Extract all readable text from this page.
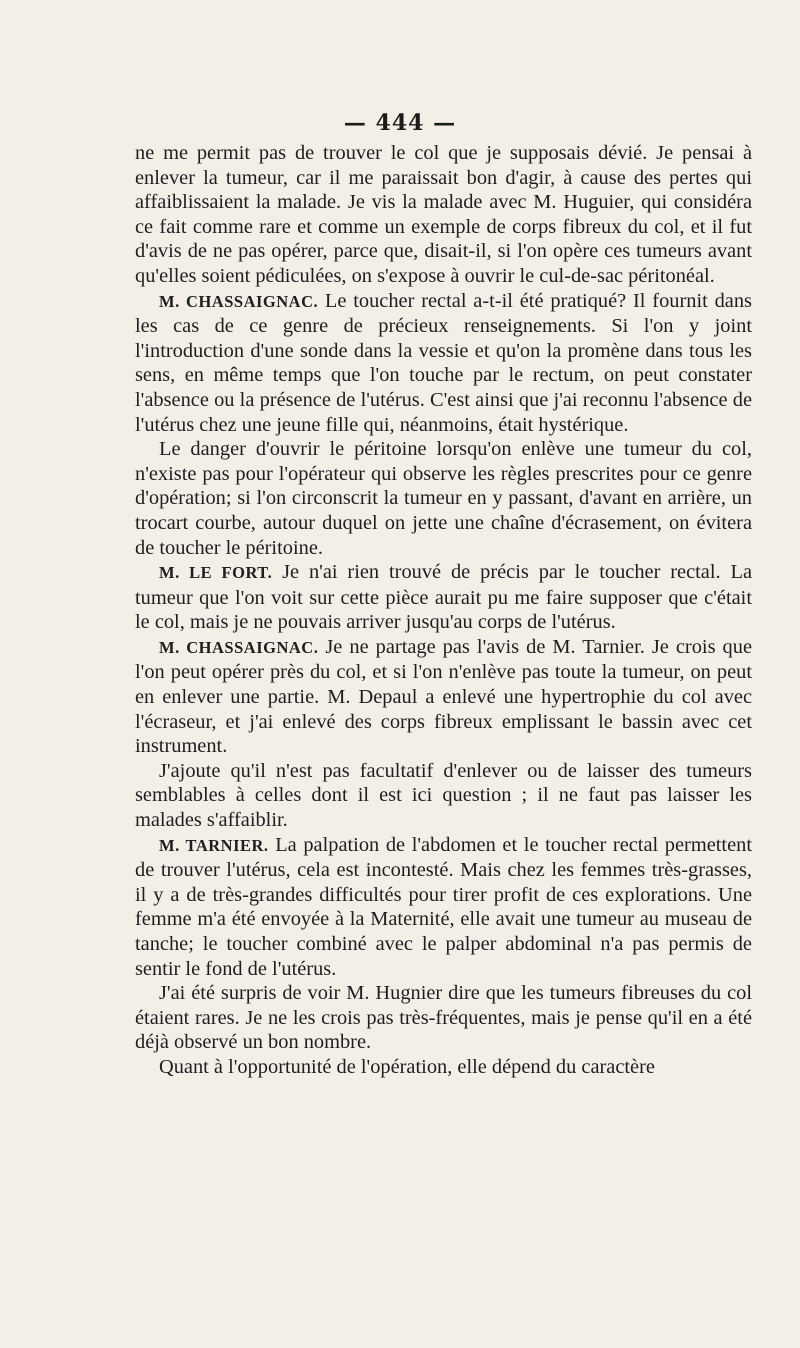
— 444 —

ne me permit pas de trouver le col que je supposais dévié. Je pensai à enlever la tumeur, car il me paraissait bon d'agir, à cause des pertes qui affaiblissaient la malade. Je vis la malade avec M. Huguier, qui considéra ce fait comme rare et comme un exemple de corps fibreux du col, et il fut d'avis de ne pas opérer, parce que, disait-il, si l'on opère ces tumeurs avant qu'elles soient pédiculées, on s'expose à ouvrir le cul-de-sac péritonéal.

M. CHASSAIGNAC. Le toucher rectal a-t-il été pratiqué? Il fournit dans les cas de ce genre de précieux renseignements. Si l'on y joint l'introduction d'une sonde dans la vessie et qu'on la promène dans tous les sens, en même temps que l'on touche par le rectum, on peut constater l'absence ou la présence de l'utérus. C'est ainsi que j'ai reconnu l'absence de l'utérus chez une jeune fille qui, néanmoins, était hystérique.

Le danger d'ouvrir le péritoine lorsqu'on enlève une tumeur du col, n'existe pas pour l'opérateur qui observe les règles prescrites pour ce genre d'opération; si l'on circonscrit la tumeur en y passant, d'avant en arrière, un trocart courbe, autour duquel on jette une chaîne d'écrasement, on évitera de toucher le péritoine.

M. LE FORT. Je n'ai rien trouvé de précis par le toucher rectal. La tumeur que l'on voit sur cette pièce aurait pu me faire supposer que c'était le col, mais je ne pouvais arriver jusqu'au corps de l'utérus.

M. CHASSAIGNAC. Je ne partage pas l'avis de M. Tarnier. Je crois que l'on peut opérer près du col, et si l'on n'enlève pas toute la tumeur, on peut en enlever une partie. M. Depaul a enlevé une hypertrophie du col avec l'écraseur, et j'ai enlevé des corps fibreux emplissant le bassin avec cet instrument.

J'ajoute qu'il n'est pas facultatif d'enlever ou de laisser des tumeurs semblables à celles dont il est ici question ; il ne faut pas laisser les malades s'affaiblir.

M. TARNIER. La palpation de l'abdomen et le toucher rectal permettent de trouver l'utérus, cela est incontesté. Mais chez les femmes très-grasses, il y a de très-grandes difficultés pour tirer profit de ces explorations. Une femme m'a été envoyée à la Maternité, elle avait une tumeur au museau de tanche; le toucher combiné avec le palper abdominal n'a pas permis de sentir le fond de l'utérus.

J'ai été surpris de voir M. Hugnier dire que les tumeurs fibreuses du col étaient rares. Je ne les crois pas très-fréquentes, mais je pense qu'il en a été déjà observé un bon nombre.

Quant à l'opportunité de l'opération, elle dépend du caractère
